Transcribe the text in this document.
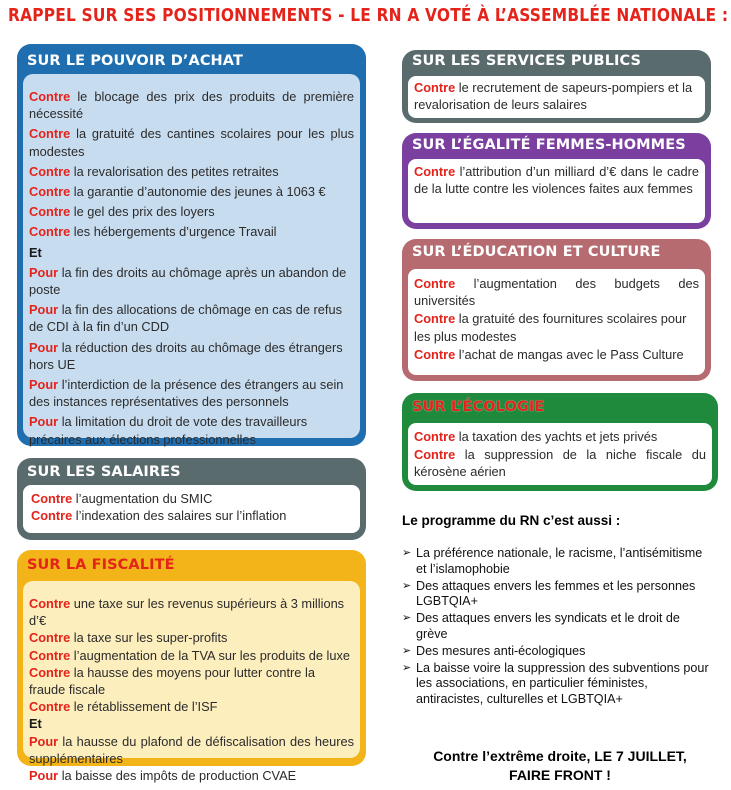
RAPPEL SUR SES POSITIONNEMENTS - LE RN A VOTÉ À L’ASSEMBLÉE NATIONALE :
SUR LE POUVOIR D’ACHAT
Contre le blocage des prix des produits de première nécessité
Contre la gratuité des cantines scolaires pour les plus modestes
Contre la revalorisation des petites retraites
Contre la garantie d’autonomie des jeunes à 1063 €
Contre le gel des prix des loyers
Contre les hébergements d’urgence Travail
Et
Pour la fin des droits au chômage après un abandon de poste
Pour la fin des allocations de chômage en cas de refus de CDI à la fin d’un CDD
Pour la réduction des droits au chômage des étrangers hors UE
Pour l’interdiction de la présence des étrangers au sein des instances représentatives des personnels
Pour la limitation du droit de vote des travailleurs précaires aux élections professionnelles
SUR LES SALAIRES
Contre l’augmentation du SMIC
Contre l’indexation des salaires sur l’inflation
SUR LA FISCALITÉ
Contre une taxe sur les revenus supérieurs à 3 millions d’€
Contre la taxe sur les super-profits
Contre l’augmentation de la TVA sur les produits de luxe
Contre la hausse des moyens pour lutter contre la fraude fiscale
Contre le rétablissement de l’ISF
Et
Pour la hausse du plafond de défiscalisation des heures supplémentaires
Pour la baisse des impôts de production CVAE
SUR LES SERVICES PUBLICS
Contre le recrutement de sapeurs-pompiers et la revalorisation de leurs salaires
SUR L’ÉGALITÉ FEMMES-HOMMES
Contre l’attribution d’un milliard d’€ dans le cadre de la lutte contre les violences faites aux femmes
SUR L’ÉDUCATION ET CULTURE
Contre l’augmentation des budgets des universités
Contre la gratuité des fournitures scolaires pour les plus modestes
Contre l’achat de mangas avec le Pass Culture
SUR L’ÉCOLOGIE
Contre la taxation des yachts et jets privés
Contre la suppression de la niche fiscale du kérosène aérien
Le programme du RN c’est aussi :
➢ La préférence nationale, le racisme, l’antisémitisme et l’islamophobie
➢ Des attaques envers les femmes et les personnes LGBTQIA+
➢ Des attaques envers les syndicats et le droit de grève
➢ Des mesures anti-écologiques
➢ La baisse voire la suppression des subventions pour les associations, en particulier féministes, antiracistes, culturelles et LGBTQIA+
Contre l’extrême droite, LE 7 JUILLET,
FAIRE FRONT !
